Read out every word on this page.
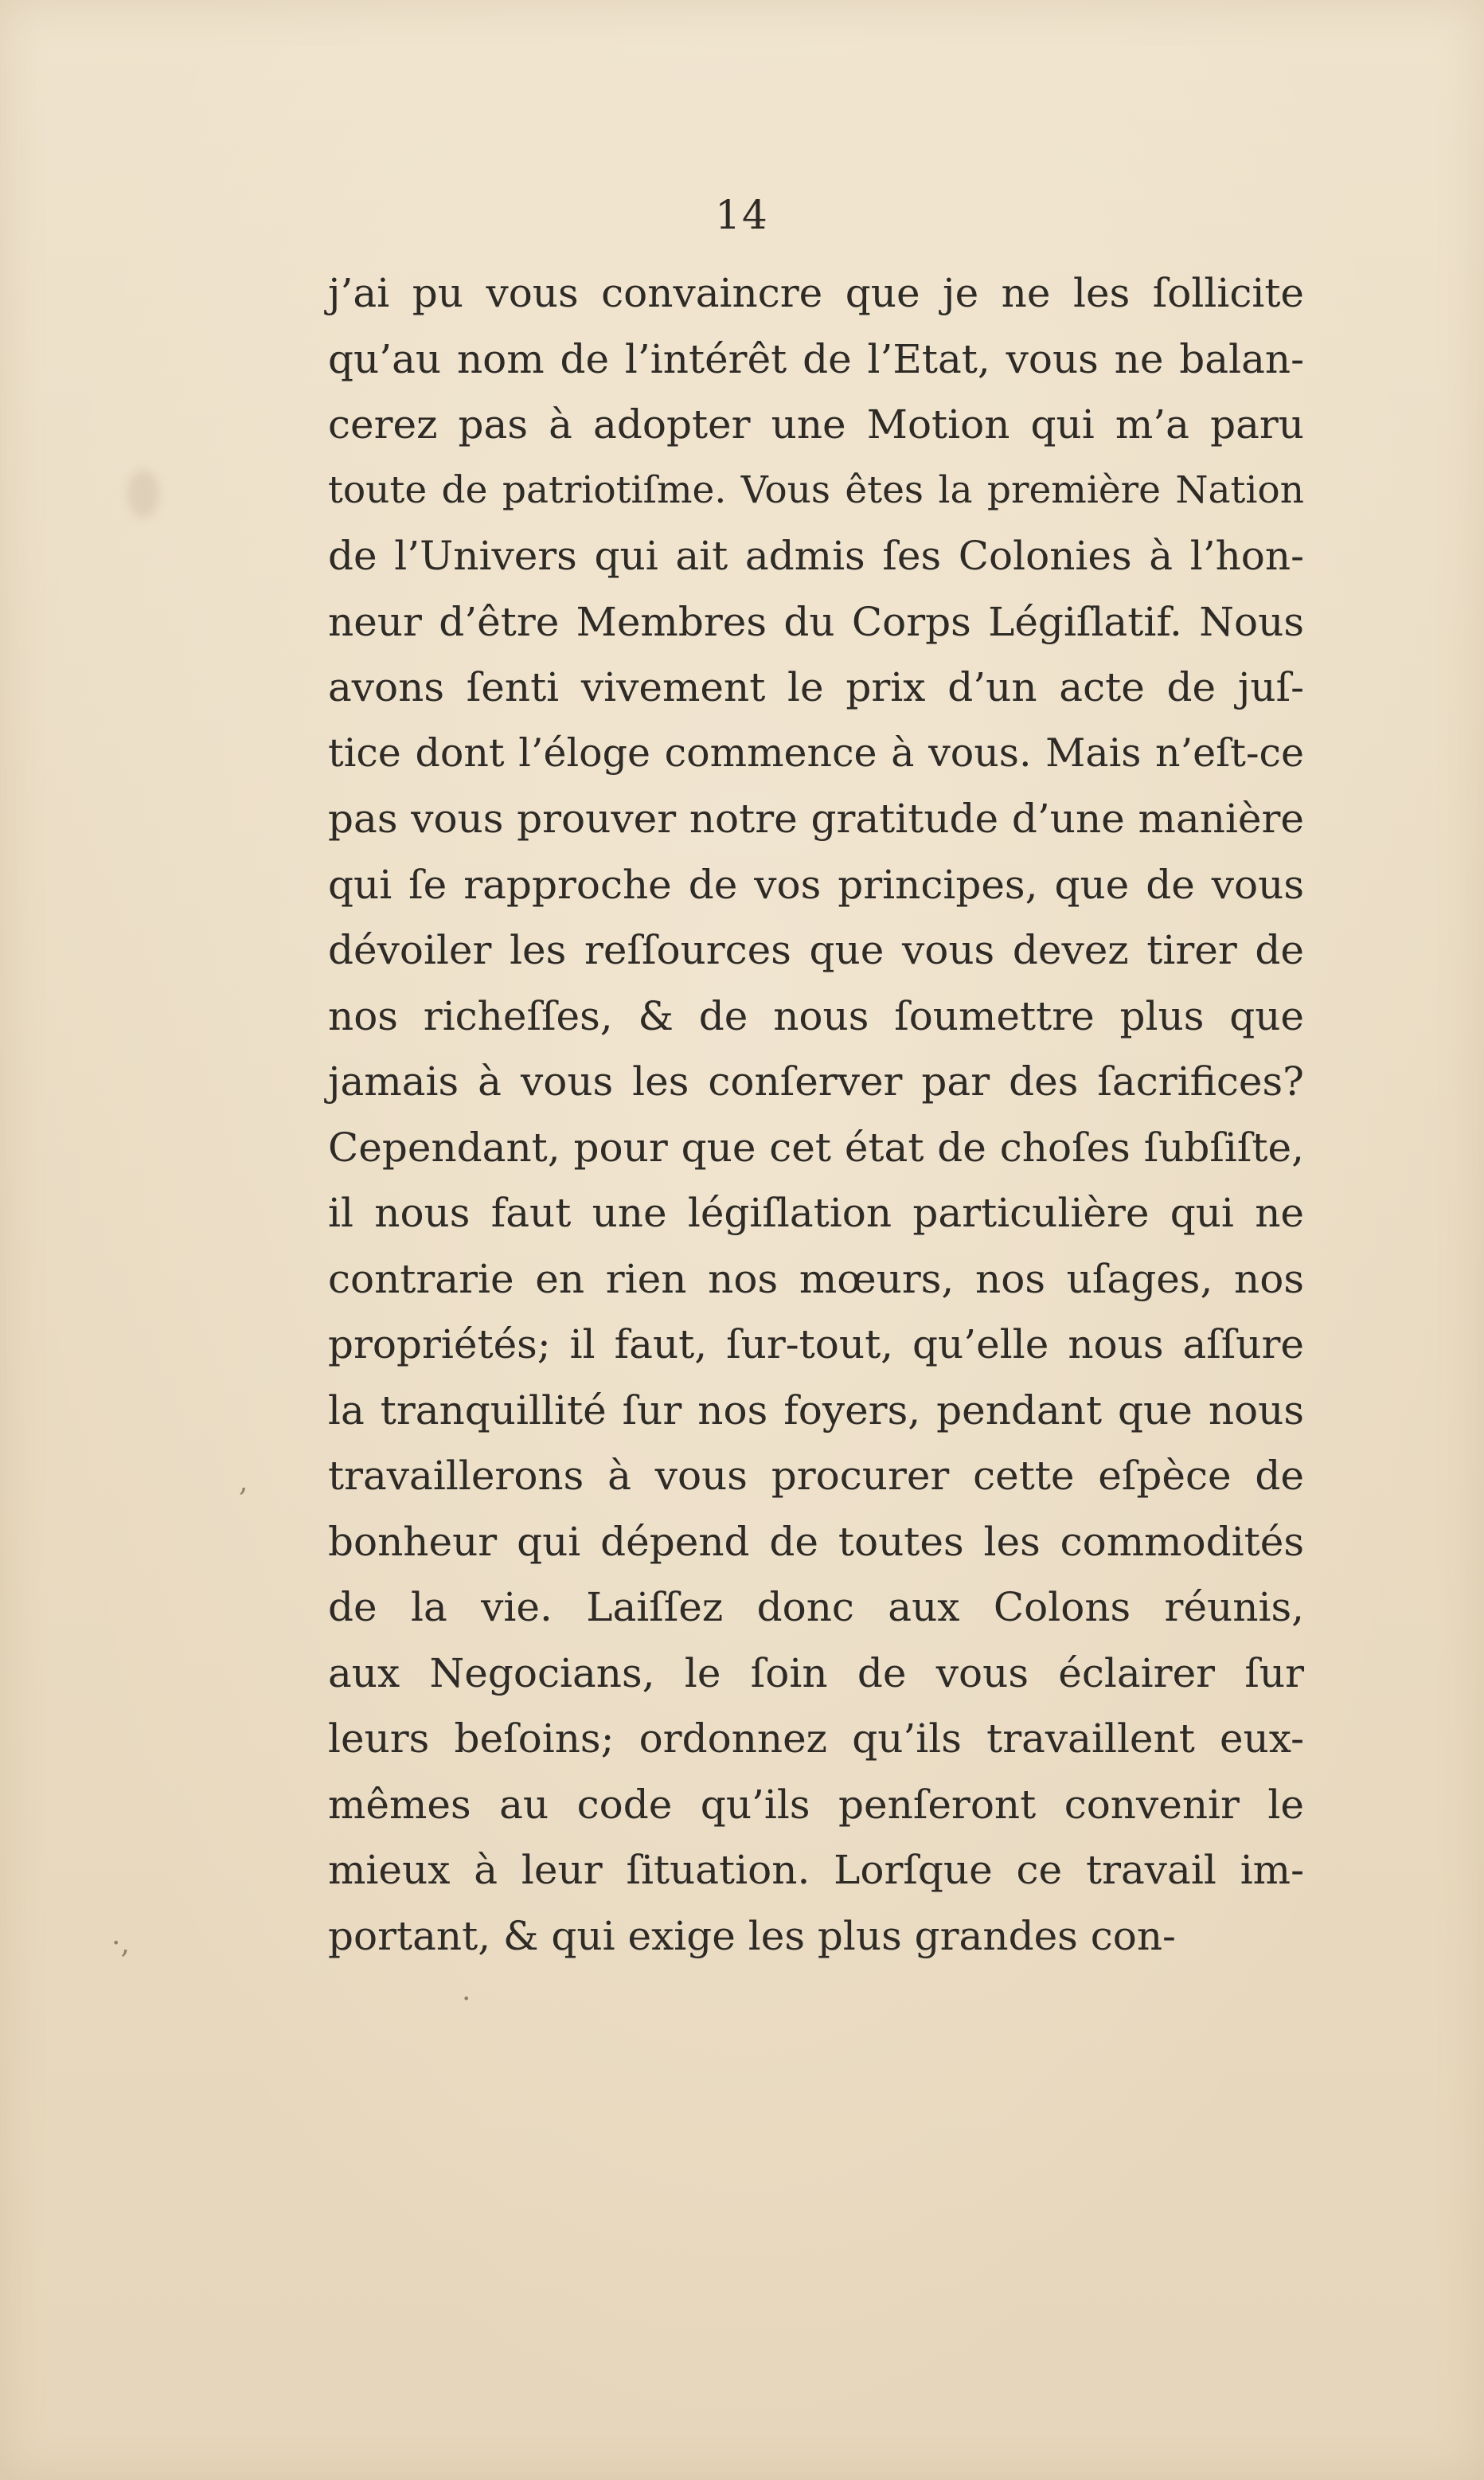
14
j’ai pu vous convaincre que je ne les ſollicite
qu’au nom de l’intérêt de l’Etat, vous ne balan-
cerez pas à adopter une Motion qui m’a paru
toute de patriotiſme. Vous êtes la première Nation
de l’Univers qui ait admis ſes Colonies à l’hon-
neur d’être Membres du Corps Légiſlatif. Nous
avons ſenti vivement le prix d’un acte de juſ-
tice dont l’éloge commence à vous. Mais n’eſt-ce
pas vous prouver notre gratitude d’une manière
qui ſe rapproche de vos principes, que de vous
dévoiler les reſſources que vous devez tirer de
nos richeſſes, & de nous ſoumettre plus que
jamais à vous les conſerver par des ſacrifices?
Cependant, pour que cet état de choſes ſubſiſte,
il nous faut une légiſlation particulière qui ne
contrarie en rien nos mœurs, nos uſages, nos
propriétés; il faut, ſur-tout, qu’elle nous aſſure
la tranquillité ſur nos foyers, pendant que nous
travaillerons à vous procurer cette eſpèce de
bonheur qui dépend de toutes les commodités
de la vie. Laiſſez donc aux Colons réunis,
aux Negocians, le ſoin de vous éclairer ſur
leurs beſoins; ordonnez qu’ils travaillent eux-
mêmes au code qu’ils penſeront convenir le
mieux à leur ſituation. Lorſque ce travail im-
portant, & qui exige les plus grandes con-
,
·,
·
